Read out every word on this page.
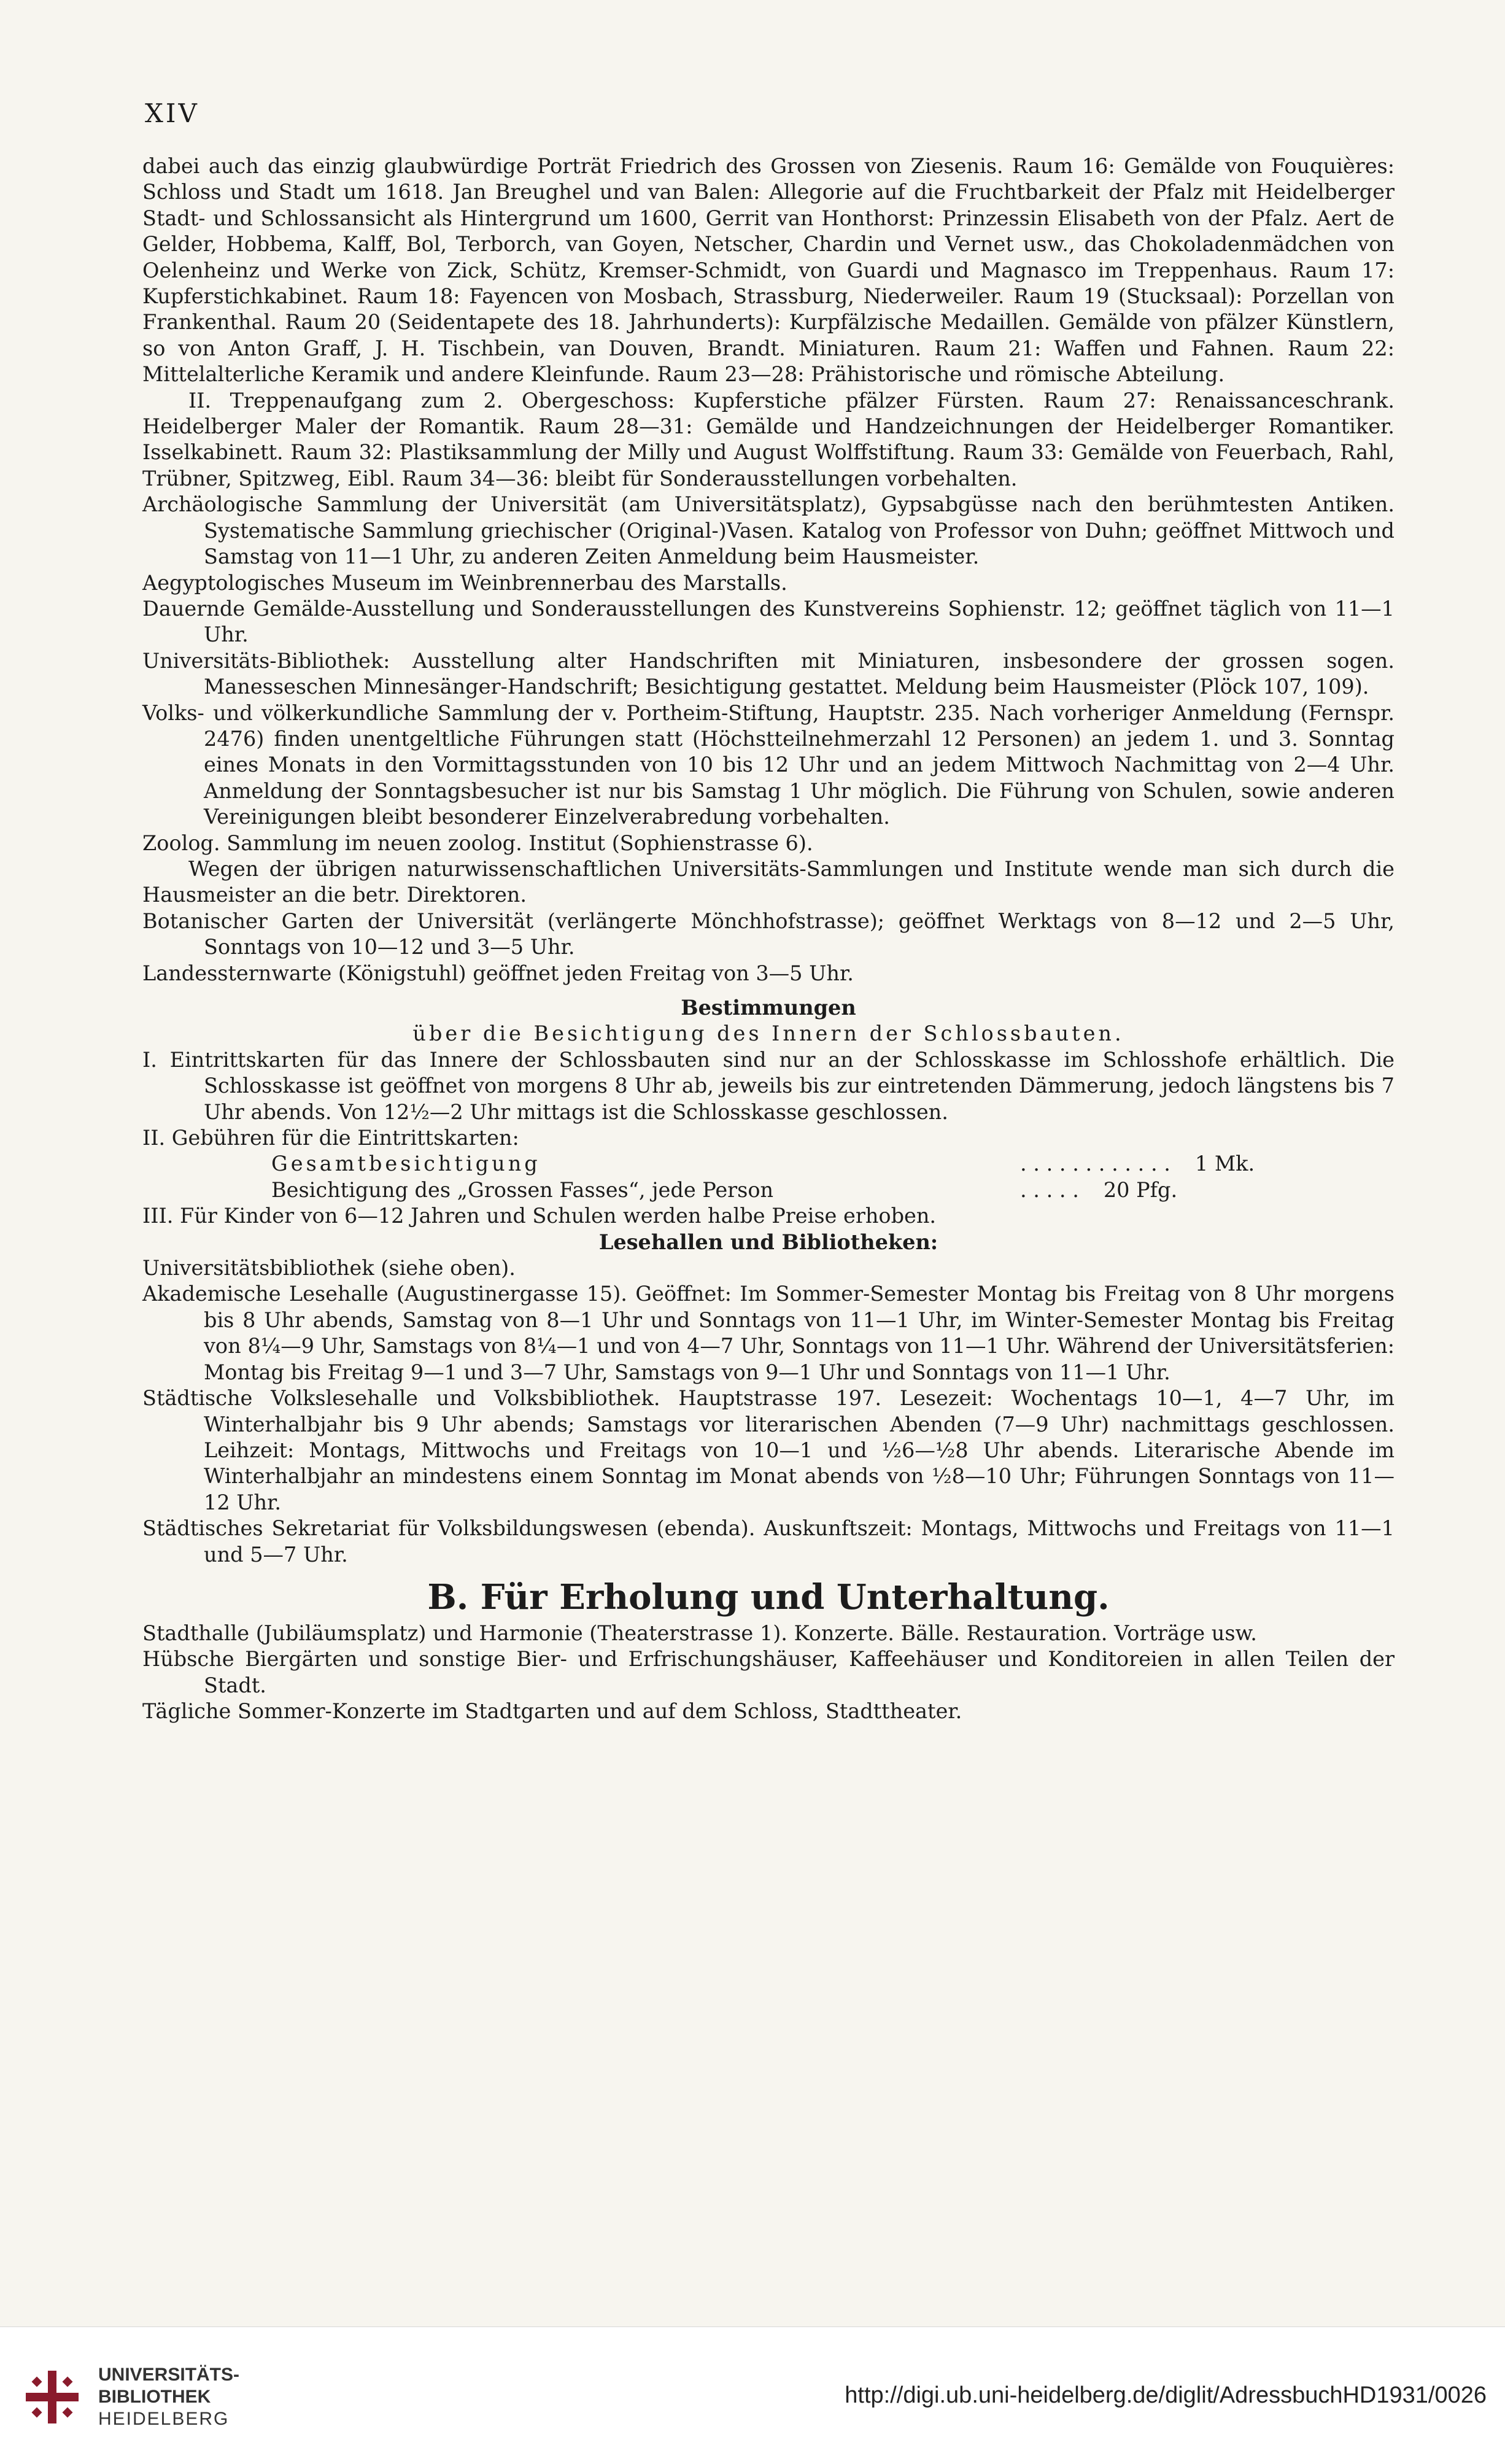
XIV

dabei auch das einzig glaubwürdige Porträt Friedrich des Grossen von Ziesenis. Raum 16: Gemälde von Fouquières: Schloss und Stadt um 1618. Jan Breughel und van Balen: Allegorie auf die Fruchtbarkeit der Pfalz mit Heidelberger Stadt- und Schlossansicht als Hintergrund um 1600, Gerrit van Honthorst: Prinzessin Elisabeth von der Pfalz. Aert de Gelder, Hobbema, Kalff, Bol, Terborch, van Goyen, Netscher, Chardin und Vernet usw., das Chokoladenmädchen von Oelenheinz und Werke von Zick, Schütz, Kremser-Schmidt, von Guardi und Magnasco im Treppenhaus. Raum 17: Kupferstichkabinet. Raum 18: Fayencen von Mosbach, Strassburg, Niederweiler. Raum 19 (Stucksaal): Porzellan von Frankenthal. Raum 20 (Seidentapete des 18. Jahrhunderts): Kurpfälzische Medaillen. Gemälde von pfälzer Künstlern, so von Anton Graff, J. H. Tischbein, van Douven, Brandt. Miniaturen. Raum 21: Waffen und Fahnen. Raum 22: Mittelalterliche Keramik und andere Kleinfunde. Raum 23—28: Prähistorische und römische Abteilung.

II. Treppenaufgang zum 2. Obergeschoss: Kupferstiche pfälzer Fürsten. Raum 27: Renaissanceschrank. Heidelberger Maler der Romantik. Raum 28—31: Gemälde und Handzeichnungen der Heidelberger Romantiker. Isselkabinett. Raum 32: Plastiksammlung der Milly und August Wolffstiftung. Raum 33: Gemälde von Feuerbach, Rahl, Trübner, Spitzweg, Eibl. Raum 34—36: bleibt für Sonderausstellungen vorbehalten.

Archäologische Sammlung der Universität (am Universitätsplatz), Gypsabgüsse nach den berühmtesten Antiken. Systematische Sammlung griechischer (Original-)Vasen. Katalog von Professor von Duhn; geöffnet Mittwoch und Samstag von 11—1 Uhr, zu anderen Zeiten Anmeldung beim Hausmeister.

Aegyptologisches Museum im Weinbrennerbau des Marstalls.

Dauernde Gemälde-Ausstellung und Sonderausstellungen des Kunstvereins Sophienstr. 12; geöffnet täglich von 11—1 Uhr.

Universitäts-Bibliothek: Ausstellung alter Handschriften mit Miniaturen, insbesondere der grossen sogen. Manesseschen Minnesänger-Handschrift; Besichtigung gestattet. Meldung beim Hausmeister (Plöck 107, 109).

Volks- und völkerkundliche Sammlung der v. Portheim-Stiftung, Hauptstr. 235. Nach vorheriger Anmeldung (Fernspr. 2476) finden unentgeltliche Führungen statt (Höchstteilnehmerzahl 12 Personen) an jedem 1. und 3. Sonntag eines Monats in den Vormittagsstunden von 10 bis 12 Uhr und an jedem Mittwoch Nachmittag von 2—4 Uhr. Anmeldung der Sonntagsbesucher ist nur bis Samstag 1 Uhr möglich. Die Führung von Schulen, sowie anderen Vereinigungen bleibt besonderer Einzelverabredung vorbehalten.

Zoolog. Sammlung im neuen zoolog. Institut (Sophienstrasse 6).

Wegen der übrigen naturwissenschaftlichen Universitäts-Sammlungen und Institute wende man sich durch die Hausmeister an die betr. Direktoren.

Botanischer Garten der Universität (verlängerte Mönchhofstrasse); geöffnet Werktags von 8—12 und 2—5 Uhr, Sonntags von 10—12 und 3—5 Uhr.

Landessternwarte (Königstuhl) geöffnet jeden Freitag von 3—5 Uhr.

Bestimmungen

über die Besichtigung des Innern der Schlossbauten.

I. Eintrittskarten für das Innere der Schlossbauten sind nur an der Schlosskasse im Schlosshofe erhältlich. Die Schlosskasse ist geöffnet von morgens 8 Uhr ab, jeweils bis zur eintretenden Dämmerung, jedoch längstens bis 7 Uhr abends. Von 12½—2 Uhr mittags ist die Schlosskasse geschlossen.

II. Gebühren für die Eintrittskarten:

Gesamtbesichtigung	. . . . . . . . . . . . 1 Mk.
Besichtigung des „Grossen Fasses“, jede Person	. . . . . 20 Pfg.

III. Für Kinder von 6—12 Jahren und Schulen werden halbe Preise erhoben.

Lesehallen und Bibliotheken:

Universitätsbibliothek (siehe oben).

Akademische Lesehalle (Augustinergasse 15). Geöffnet: Im Sommer-Semester Montag bis Freitag von 8 Uhr morgens bis 8 Uhr abends, Samstag von 8—1 Uhr und Sonntags von 11—1 Uhr, im Winter-Semester Montag bis Freitag von 8¼—9 Uhr, Samstags von 8¼—1 und von 4—7 Uhr, Sonntags von 11—1 Uhr. Während der Universitätsferien: Montag bis Freitag 9—1 und 3—7 Uhr, Samstags von 9—1 Uhr und Sonntags von 11—1 Uhr.

Städtische Volkslesehalle und Volksbibliothek. Hauptstrasse 197. Lesezeit: Wochentags 10—1, 4—7 Uhr, im Winterhalbjahr bis 9 Uhr abends; Samstags vor literarischen Abenden (7—9 Uhr) nachmittags geschlossen. Leihzeit: Montags, Mittwochs und Freitags von 10—1 und ½6—½8 Uhr abends. Literarische Abende im Winterhalbjahr an mindestens einem Sonntag im Monat abends von ½8—10 Uhr; Führungen Sonntags von 11—12 Uhr.

Städtisches Sekretariat für Volksbildungswesen (ebenda). Auskunftszeit: Montags, Mittwochs und Freitags von 11—1 und 5—7 Uhr.

B. Für Erholung und Unterhaltung.

Stadthalle (Jubiläumsplatz) und Harmonie (Theaterstrasse 1). Konzerte. Bälle. Restauration. Vorträge usw.

Hübsche Biergärten und sonstige Bier- und Erfrischungshäuser, Kaffeehäuser und Konditoreien in allen Teilen der Stadt.

Tägliche Sommer-Konzerte im Stadtgarten und auf dem Schloss, Stadttheater.

UNIVERSITÄTS-
BIBLIOTHEK
HEIDELBERG
http://digi.ub.uni-heidelberg.de/diglit/AdressbuchHD1931/0026
